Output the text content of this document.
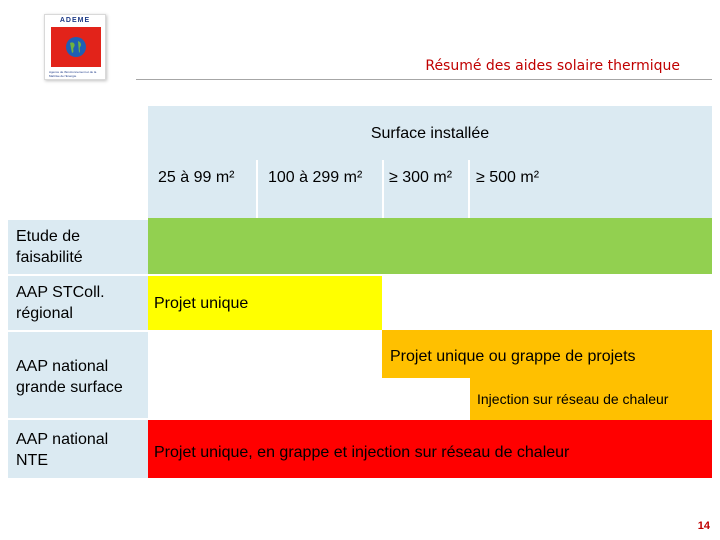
ADEME
Agence de l'Environnement et de la Maîtrise de l'Energie
Résumé des aides solaire thermique
Surface installée
25 à 99 m² 100 à 299 m² ≥ 300 m² ≥ 500 m²
Etude de
faisabilité
AAP STColl.
régional
AAP national
grande surface
AAP national
NTE
Projet unique
Projet unique ou grappe de projets
Injection sur réseau de chaleur
Projet unique, en grappe et injection sur réseau de chaleur
14
